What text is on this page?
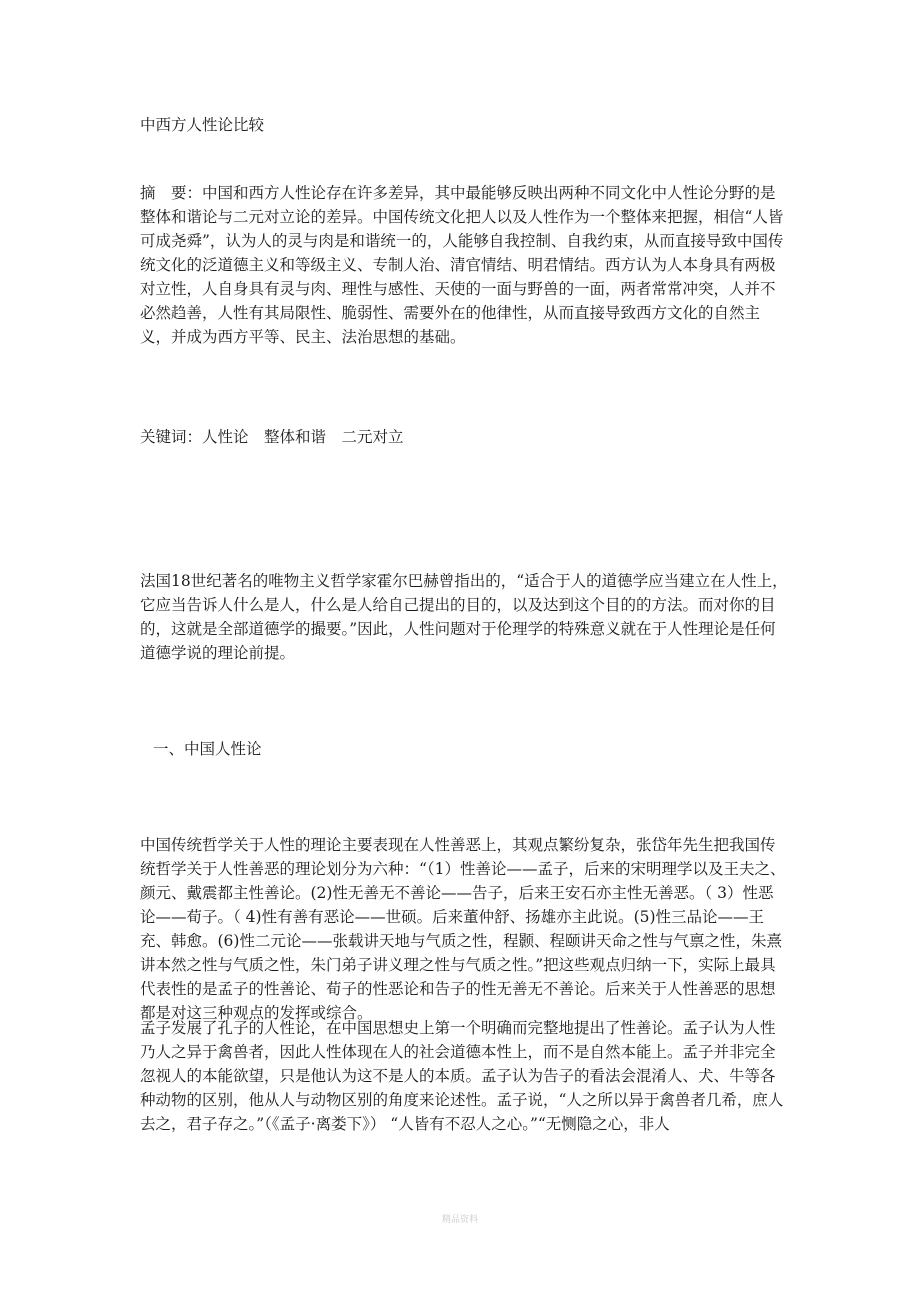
中西方人性论比较

摘　要：中国和西方人性论存在许多差异，其中最能够反映出两种不同文化中人性论分野的是整体和谐论与二元对立论的差异。中国传统文化把人以及人性作为一个整体来把握，相信“人皆可成尧舜”，认为人的灵与肉是和谐统一的，人能够自我控制、自我约束，从而直接导致中国传统文化的泛道德主义和等级主义、专制人治、清官情结、明君情结。西方认为人本身具有两极对立性，人自身具有灵与肉、理性与感性、天使的一面与野兽的一面，两者常常冲突，人并不必然趋善，人性有其局限性、脆弱性、需要外在的他律性，从而直接导致西方文化的自然主义，并成为西方平等、民主、法治思想的基础。

关键词：人性论　整体和谐　二元对立

法国18世纪著名的唯物主义哲学家霍尔巴赫曾指出的，“适合于人的道德学应当建立在人性上，它应当告诉人什么是人，什么是人给自己提出的目的，以及达到这个目的的方法。而对你的目的，这就是全部道德学的撮要。”因此，人性问题对于伦理学的特殊意义就在于人性理论是任何道德学说的理论前提。

一、中国人性论

中国传统哲学关于人性的理论主要表现在人性善恶上，其观点繁纷复杂，张岱年先生把我国传统哲学关于人性善恶的理论划分为六种：“（1）性善论——孟子，后来的宋明理学以及王夫之、颜元、戴震都主性善论。(2)性无善无不善论——告子，后来王安石亦主性无善恶。（ 3）性恶论——荀子。（ 4)性有善有恶论——世硕。后来董仲舒、扬雄亦主此说。(5)性三品论——王充、韩愈。(6)性二元论——张载讲天地与气质之性，程颢、程颐讲天命之性与气禀之性，朱熹讲本然之性与气质之性，朱门弟子讲义理之性与气质之性。”把这些观点归纳一下，实际上最具代表性的是孟子的性善论、荀子的性恶论和告子的性无善无不善论。后来关于人性善恶的思想都是对这三种观点的发挥或综合。

孟子发展了孔子的人性论，在中国思想史上第一个明确而完整地提出了性善论。孟子认为人性乃人之异于禽兽者，因此人性体现在人的社会道德本性上，而不是自然本能上。孟子并非完全忽视人的本能欲望，只是他认为这不是人的本质。孟子认为告子的看法会混淆人、犬、牛等各种动物的区别，他从人与动物区别的角度来论述性。孟子说，“人之所以异于禽兽者几希，庶人去之，君子存之。”（《孟子·离娄下》） “人皆有不忍人之心。”“无恻隐之心，非人

精品资料
